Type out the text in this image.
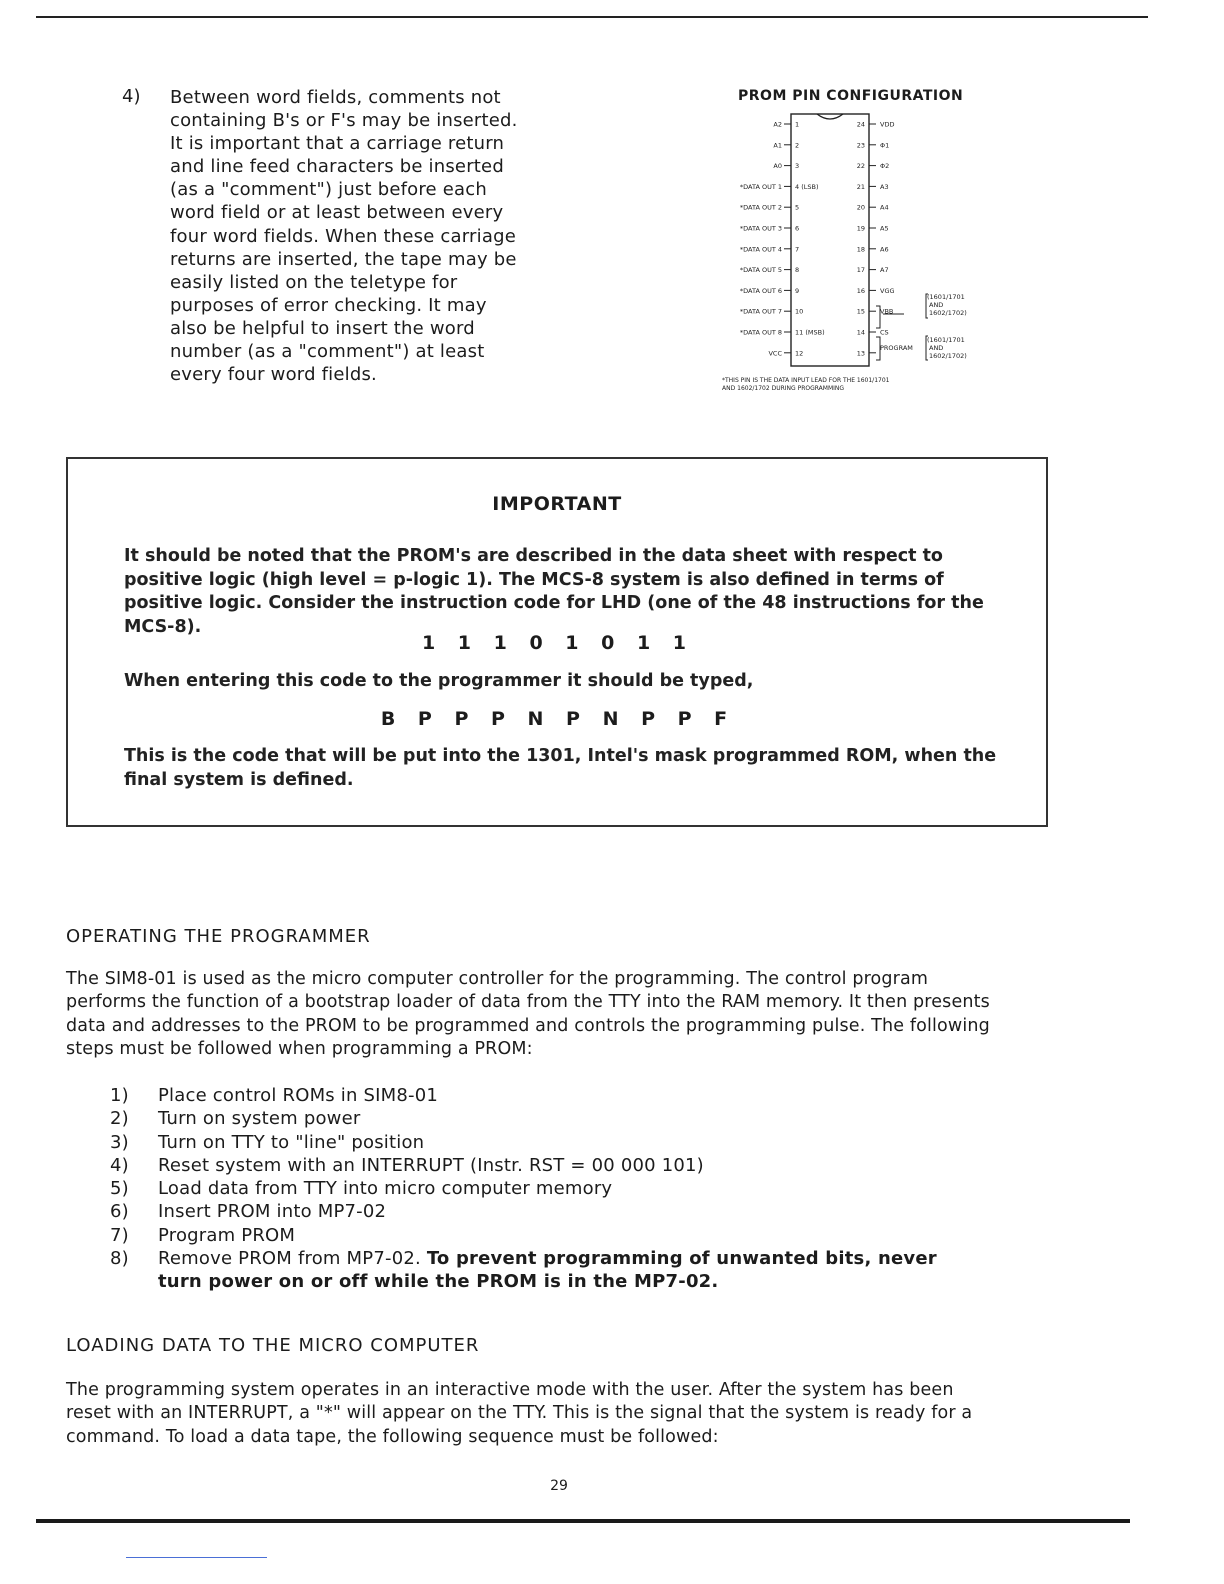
4) Between word fields, comments not
containing B's or F's may be inserted.
It is important that a carriage return
and line feed characters be inserted
(as a "comment") just before each
word field or at least between every
four word fields. When these carriage
returns are inserted, the tape may be
easily listed on the teletype for
purposes of error checking. It may
also be helpful to insert the word
number (as a "comment") at least
every four word fields.
PROM PIN CONFIGURATION
A2 1	24 VDD
A1 2	23 Φ1
A0 3	22 Φ2
*DATA OUT 1 4 (LSB)	21 A3
*DATA OUT 2 5	20 A4
*DATA OUT 3 6	19 A5
*DATA OUT 4 7	18 A6
*DATA OUT 5 8	17 A7
*DATA OUT 6 9	16 VGG
*DATA OUT 7 10	15 VBB
*DATA OUT 8 11 (MSB)	14 CS
VCC 12	13
(1601/1701
AND
1602/1702)
PROGRAM
(1601/1701
AND
1602/1702)
*THIS PIN IS THE DATA INPUT LEAD FOR THE 1601/1701
AND 1602/1702 DURING PROGRAMMING
IMPORTANT
It should be noted that the PROM's are described in the data sheet with respect to positive logic (high level = p-logic 1). The MCS-8 system is also defined in terms of positive logic. Consider the instruction code for LHD (one of the 48 instructions for the MCS-8).
1 1 1 0 1 0 1 1
When entering this code to the programmer it should be typed,
B P P P N P N P P F
This is the code that will be put into the 1301, Intel's mask programmed ROM, when the final system is defined.
OPERATING THE PROGRAMMER
The SIM8-01 is used as the micro computer controller for the programming. The control program performs the function of a bootstrap loader of data from the TTY into the RAM memory. It then presents data and addresses to the PROM to be programmed and controls the programming pulse. The following steps must be followed when programming a PROM:
1)	Place control ROMs in SIM8-01
2)	Turn on system power
3)	Turn on TTY to "line" position
4)	Reset system with an INTERRUPT (Instr. RST = 00 000 101)
5)	Load data from TTY into micro computer memory
6)	Insert PROM into MP7-02
7)	Program PROM
8)	Remove PROM from MP7-02. To prevent programming of unwanted bits, never turn power on or off while the PROM is in the MP7-02.
LOADING DATA TO THE MICRO COMPUTER
The programming system operates in an interactive mode with the user. After the system has been reset with an INTERRUPT, a "*" will appear on the TTY. This is the signal that the system is ready for a command. To load a data tape, the following sequence must be followed:
29
